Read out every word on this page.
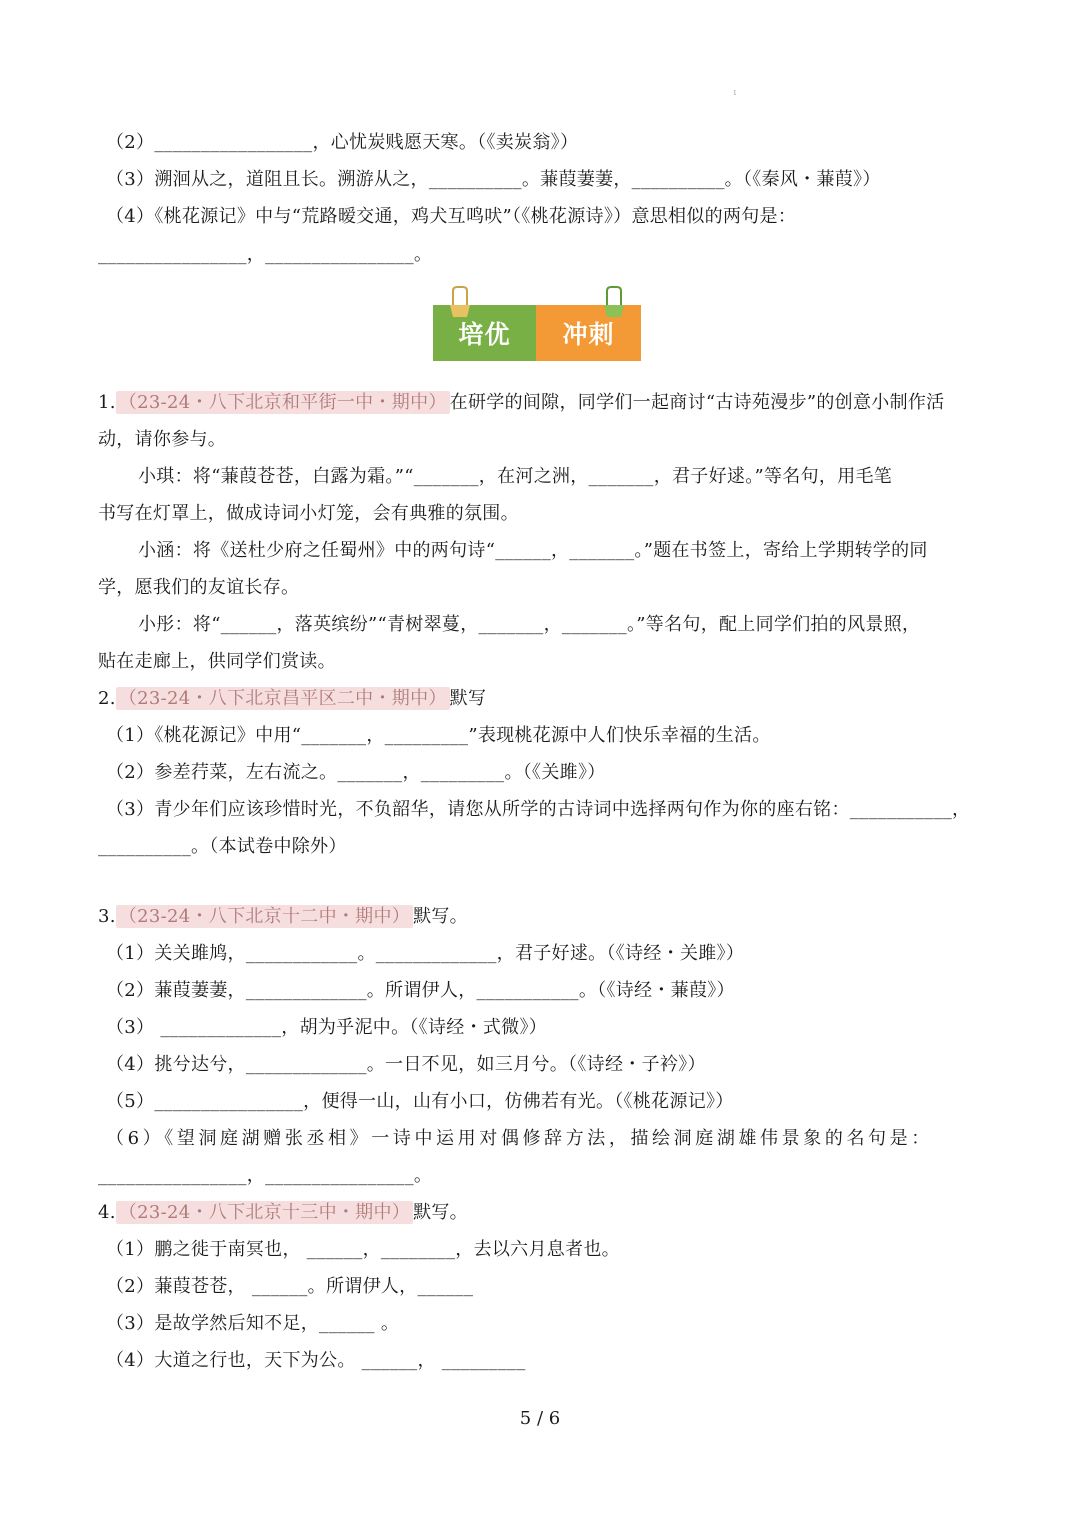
1
（2）_________________，心忧炭贱愿天寒。（《卖炭翁》）
（3）溯洄从之，道阻且长。溯游从之，__________。蒹葭萋萋，__________。（《秦风・蒹葭》）
（4）《桃花源记》中与“荒路暧交通，鸡犬互鸣吠”（《桃花源诗》）意思相似的两句是：
________________，________________。
1. （23-24・八下北京和平街一中・期中） 在研学的间隙，同学们一起商讨“古诗苑漫步”的创意小制作活
动，请你参与。
小琪：将“蒹葭苍苍，白露为霜。”“_______，在河之洲，_______，君子好逑。”等名句，用毛笔
书写在灯罩上，做成诗词小灯笼，会有典雅的氛围。
小涵：将《送杜少府之任蜀州》中的两句诗“______，_______。”题在书签上，寄给上学期转学的同
学，愿我们的友谊长存。
小彤：将“______，落英缤纷”“青树翠蔓，_______，_______。”等名句，配上同学们拍的风景照，
贴在走廊上，供同学们赏读。
2. （23-24・八下北京昌平区二中・期中） 默写
（1）《桃花源记》中用“_______，_________”表现桃花源中人们快乐幸福的生活。
（2）参差荇菜，左右流之。_______，_________。（《关雎》）
（3）青少年们应该珍惜时光，不负韶华，请您从所学的古诗词中选择两句作为你的座右铭：___________，
__________。（本试卷中除外）
3. （23-24・八下北京十二中・期中） 默写。
（1）关关雎鸠，____________。_____________，君子好逑。（《诗经・关雎》）
（2）蒹葭萋萋，_____________。所谓伊人，___________。（《诗经・蒹葭》）
（3） _____________，胡为乎泥中。（《诗经・式微》）
（4）挑兮达兮，_____________。一日不见，如三月兮。（《诗经・子衿》）
（5）________________，便得一山，山有小口，仿佛若有光。（《桃花源记》）
（6）《望洞庭湖赠张丞相》一诗中运用对偶修辞方法，描绘洞庭湖雄伟景象的名句是：
________________，________________。
4. （23-24・八下北京十三中・期中） 默写。
（1）鹏之徙于南冥也， ______，________，去以六月息者也。
（2）蒹葭苍苍， ______。所谓伊人，______
（3）是故学然后知不足，______ 。
（4）大道之行也，天下为公。 ______， _________
培优	冲刺
5 / 6
